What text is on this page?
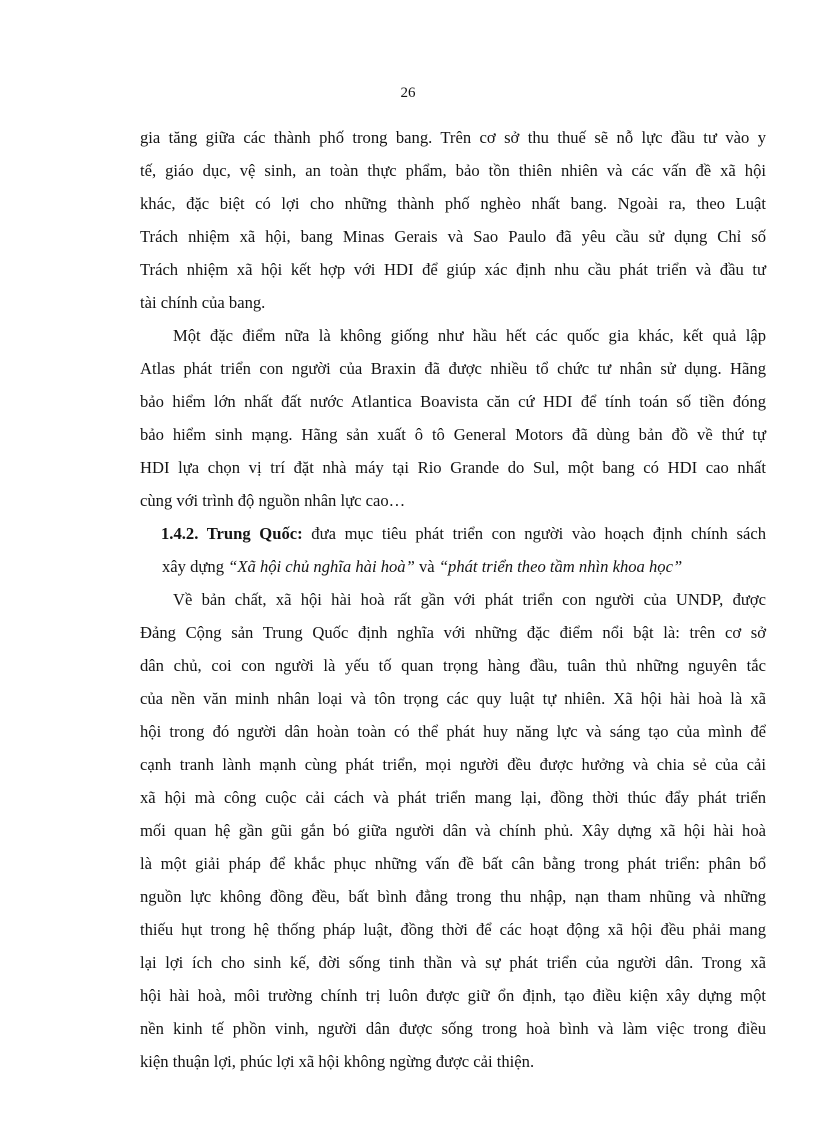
26
gia tăng giữa các thành phố trong bang. Trên cơ sở thu thuế sẽ nỗ lực đầu tư vào y
tế, giáo dục, vệ sinh, an toàn thực phẩm, bảo tồn thiên nhiên và các vấn đề xã hội
khác, đặc biệt có lợi cho những thành phố nghèo nhất bang. Ngoài ra, theo Luật
Trách nhiệm xã hội, bang Minas Gerais và Sao Paulo đã yêu cầu sử dụng Chỉ số
Trách nhiệm xã hội kết hợp với HDI để giúp xác định nhu cầu phát triển và đầu tư
tài chính của bang.
Một đặc điểm nữa là không giống như hầu hết các quốc gia khác, kết quả lập
Atlas phát triển con người của Braxin đã được nhiều tổ chức tư nhân sử dụng. Hãng
bảo hiểm lớn nhất đất nước Atlantica Boavista căn cứ HDI để tính toán số tiền đóng
bảo hiểm sinh mạng. Hãng sản xuất ô tô General Motors đã dùng bản đồ về thứ tự
HDI lựa chọn vị trí đặt nhà máy tại Rio Grande do Sul, một bang có HDI cao nhất
cùng với trình độ nguồn nhân lực cao…
1.4.2. Trung Quốc: đưa mục tiêu phát triển con người vào hoạch định chính sách
xây dựng “Xã hội chủ nghĩa hài hoà” và “phát triển theo tầm nhìn khoa học”
Về bản chất, xã hội hài hoà rất gần với phát triển con người của UNDP, được
Đảng Cộng sản Trung Quốc định nghĩa với những đặc điểm nổi bật là: trên cơ sở
dân chủ, coi con người là yếu tố quan trọng hàng đầu, tuân thủ những nguyên tắc
của nền văn minh nhân loại và tôn trọng các quy luật tự nhiên. Xã hội hài hoà là xã
hội trong đó người dân hoàn toàn có thể phát huy năng lực và sáng tạo của mình để
cạnh tranh lành mạnh cùng phát triển, mọi người đều được hưởng và chia sẻ của cải
xã hội mà công cuộc cải cách và phát triển mang lại, đồng thời thúc đẩy phát triển
mối quan hệ gần gũi gắn bó giữa người dân và chính phủ. Xây dựng xã hội hài hoà
là một giải pháp để khắc phục những vấn đề bất cân bằng trong phát triển: phân bổ
nguồn lực không đồng đều, bất bình đẳng trong thu nhập, nạn tham nhũng và những
thiếu hụt trong hệ thống pháp luật, đồng thời để các hoạt động xã hội đều phải mang
lại lợi ích cho sinh kế, đời sống tinh thần và sự phát triển của người dân. Trong xã
hội hài hoà, môi trường chính trị luôn được giữ ổn định, tạo điều kiện xây dựng một
nền kinh tế phồn vinh, người dân được sống trong hoà bình và làm việc trong điều
kiện thuận lợi, phúc lợi xã hội không ngừng được cải thiện.
